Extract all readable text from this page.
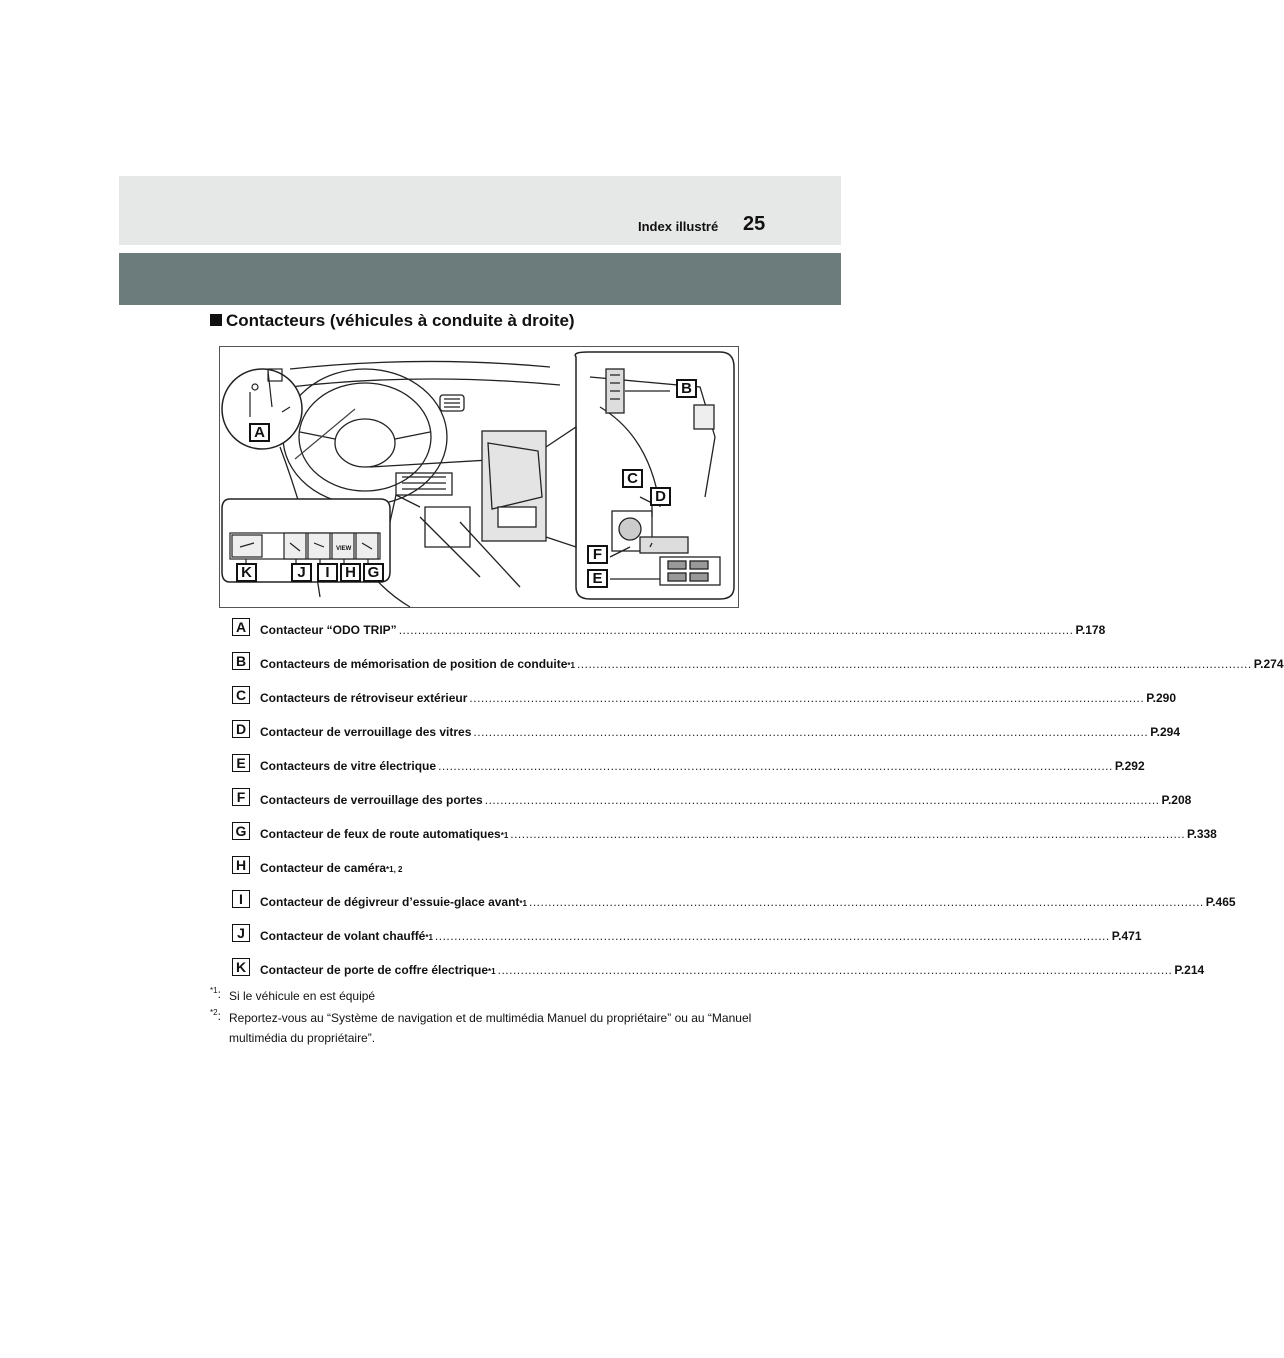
Index illustré 25
Contacteurs (véhicules à conduite à droite)
VIEW
A
B
C
D
E
F
G
H
I
J
K
A	Contacteur “ODO TRIP” ................................................................................................................................................................................ P.178
B	Contacteurs de mémorisation de position de conduite *1 ................................................................................................................................................................................ P.274
C	Contacteurs de rétroviseur extérieur ................................................................................................................................................................................ P.290
D	Contacteur de verrouillage des vitres ................................................................................................................................................................................ P.294
E	Contacteurs de vitre électrique ................................................................................................................................................................................ P.292
F	Contacteurs de verrouillage des portes ................................................................................................................................................................................ P.208
G Contacteur de feux de route automatiques *1 ................................................................................................................................................................................ P.338
H	Contacteur de caméra *1, 2
I	Contacteur de dégivreur d’essuie-glace avant *1 ................................................................................................................................................................................ P.465
J	Contacteur de volant chauffé *1 ................................................................................................................................................................................ P.471
K	Contacteur de porte de coffre électrique *1 ................................................................................................................................................................................ P.214
$^{*1}$: Si le véhicule en est équipé
$^{*2}$: Reportez-vous au “Système de navigation et de multimédia Manuel du propriétaire” ou au “Manuel multimédia du propriétaire”.
